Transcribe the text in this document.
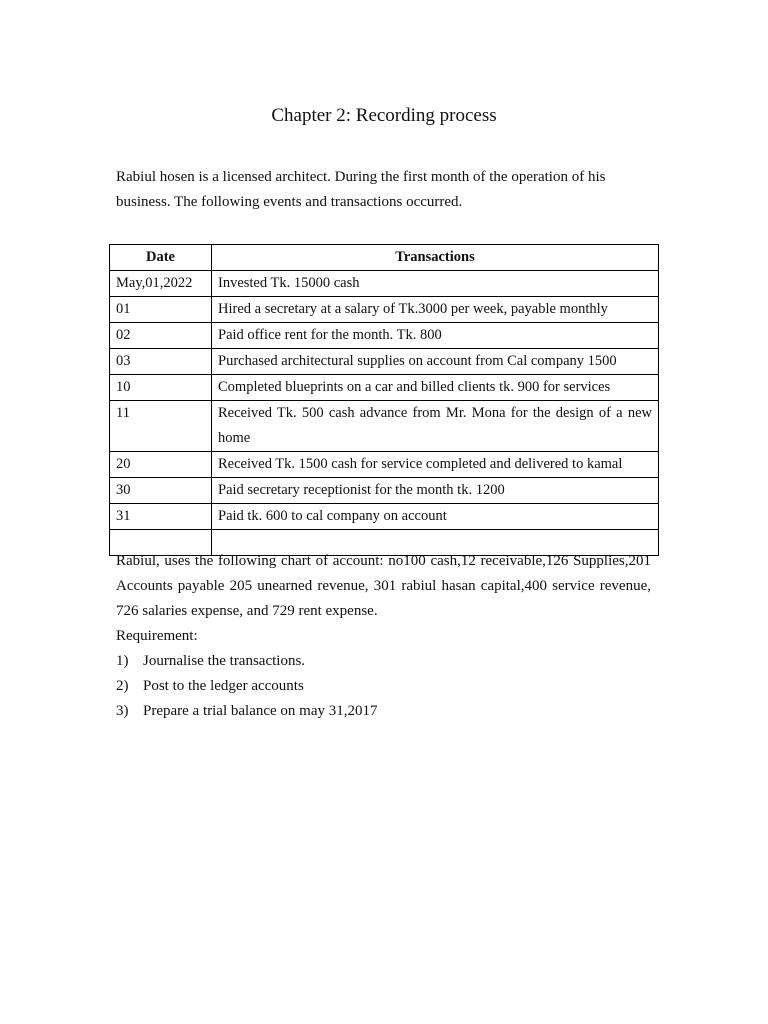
Chapter 2: Recording process

Rabiul hosen is a licensed architect. During the first month of the operation of his business. The following events and transactions occurred.

Date	Transactions
May,01,2022	Invested Tk. 15000 cash
01	Hired a secretary at a salary of Tk.3000 per week, payable monthly
02	Paid office rent for the month. Tk. 800
03	Purchased architectural supplies on account from Cal company 1500
10	Completed blueprints on a car and billed clients tk. 900 for services
11	Received Tk. 500 cash advance from Mr. Mona for the design of a new home
20	Received Tk. 1500 cash for service completed and delivered to kamal
30	Paid secretary receptionist for the month tk. 1200
31	Paid tk. 600 to cal company on account

Rabiul, uses the following chart of account: no100 cash,12 receivable,126 Supplies,201 Accounts payable 205 unearned revenue, 301 rabiul hasan capital,400 service revenue, 726 salaries expense, and 729 rent expense.

Requirement:

1) Journalise the transactions.
2) Post to the ledger accounts
3) Prepare a trial balance on may 31,2017
